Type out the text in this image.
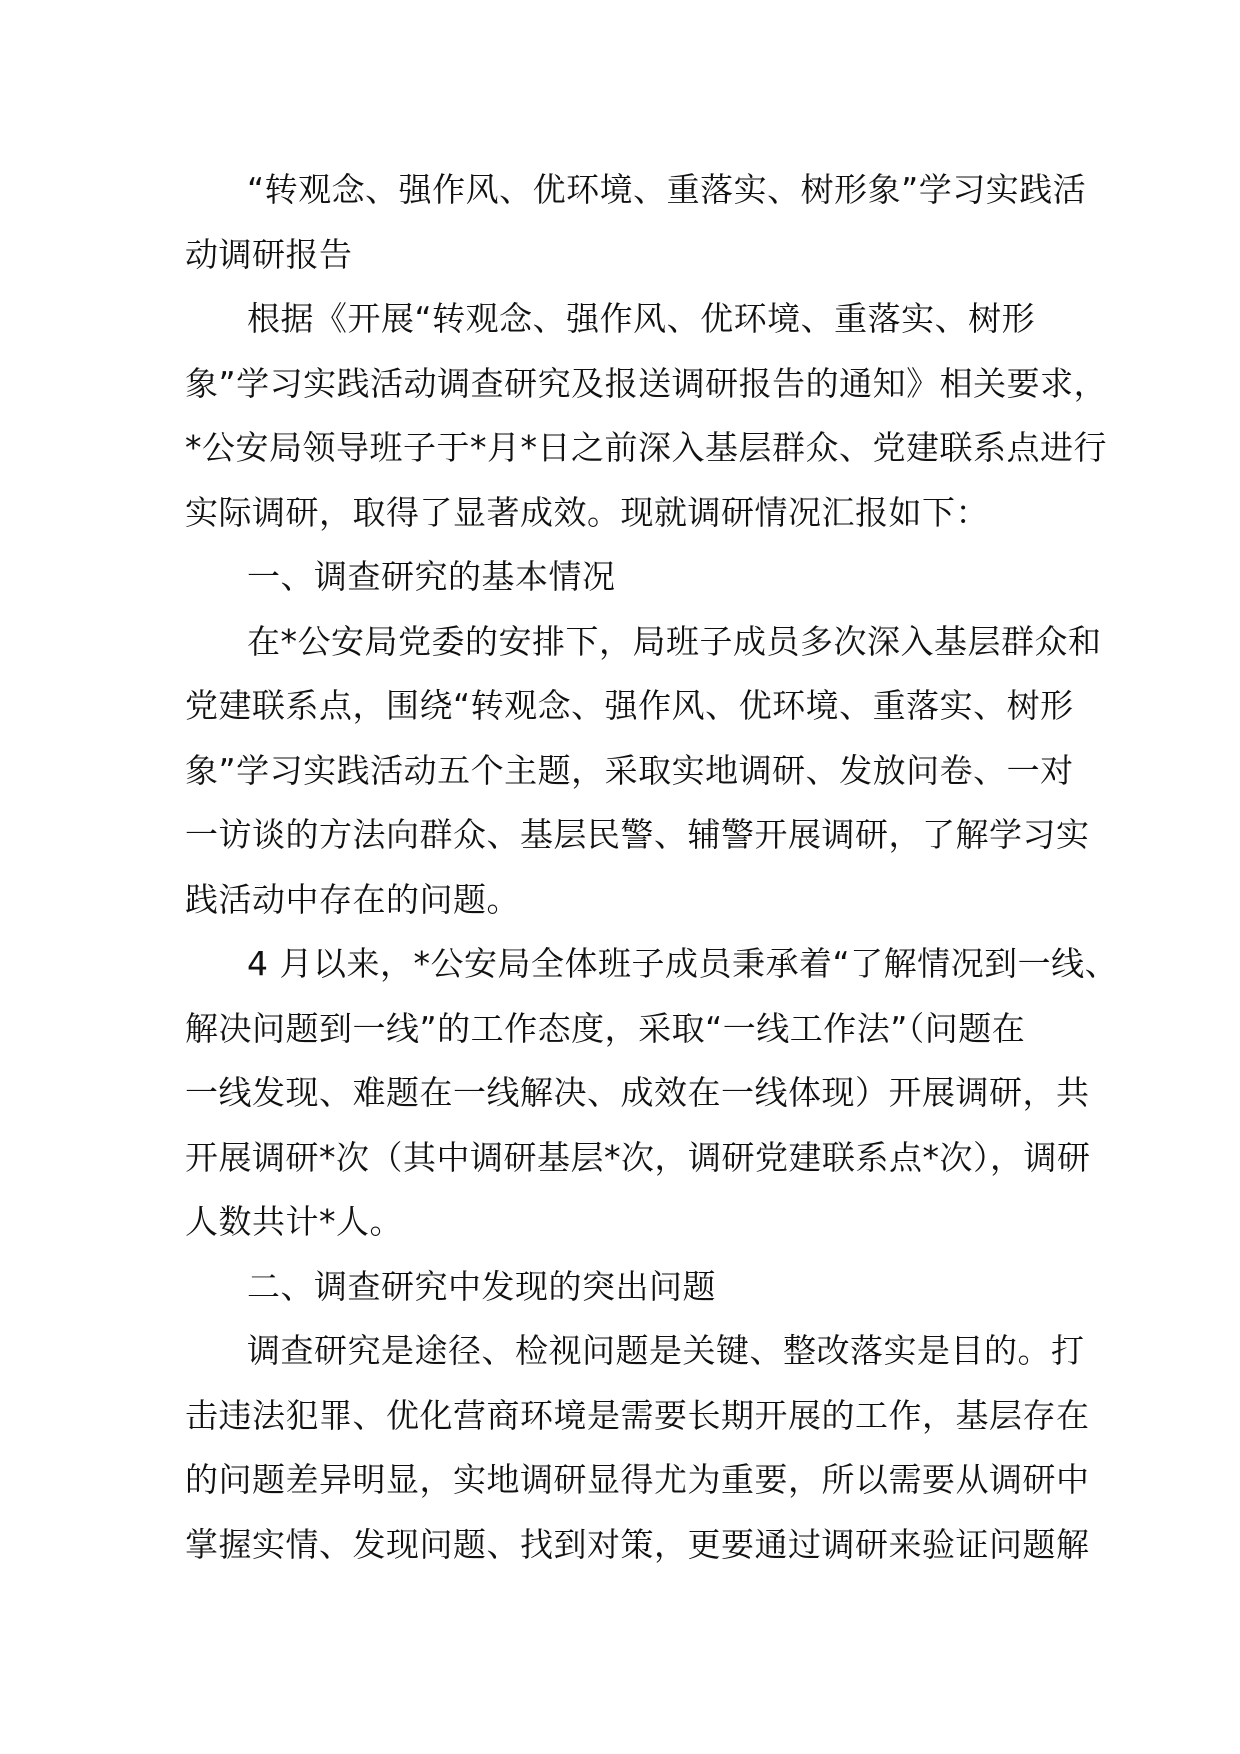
“转观念、强作风、优环境、重落实、树形象”学习实践活
动调研报告
根据《开展“转观念、强作风、优环境、重落实、树形
象”学习实践活动调查研究及报送调研报告的通知》相关要求，
*公安局领导班子于*月*日之前深入基层群众、党建联系点进行
实际调研，取得了显著成效。现就调研情况汇报如下：
一、调查研究的基本情况
在*公安局党委的安排下，局班子成员多次深入基层群众和
党建联系点，围绕“转观念、强作风、优环境、重落实、树形
象”学习实践活动五个主题，采取实地调研、发放问卷、一对
一访谈的方法向群众、基层民警、辅警开展调研，了解学习实
践活动中存在的问题。
4 月以来，*公安局全体班子成员秉承着“了解情况到一线、
解决问题到一线”的工作态度，采取“一线工作法”（问题在
一线发现、难题在一线解决、成效在一线体现）开展调研，共
开展调研*次（其中调研基层*次，调研党建联系点*次），调研
人数共计*人。
二、调查研究中发现的突出问题
调查研究是途径、检视问题是关键、整改落实是目的。打
击违法犯罪、优化营商环境是需要长期开展的工作，基层存在
的问题差异明显，实地调研显得尤为重要，所以需要从调研中
掌握实情、发现问题、找到对策，更要通过调研来验证问题解
